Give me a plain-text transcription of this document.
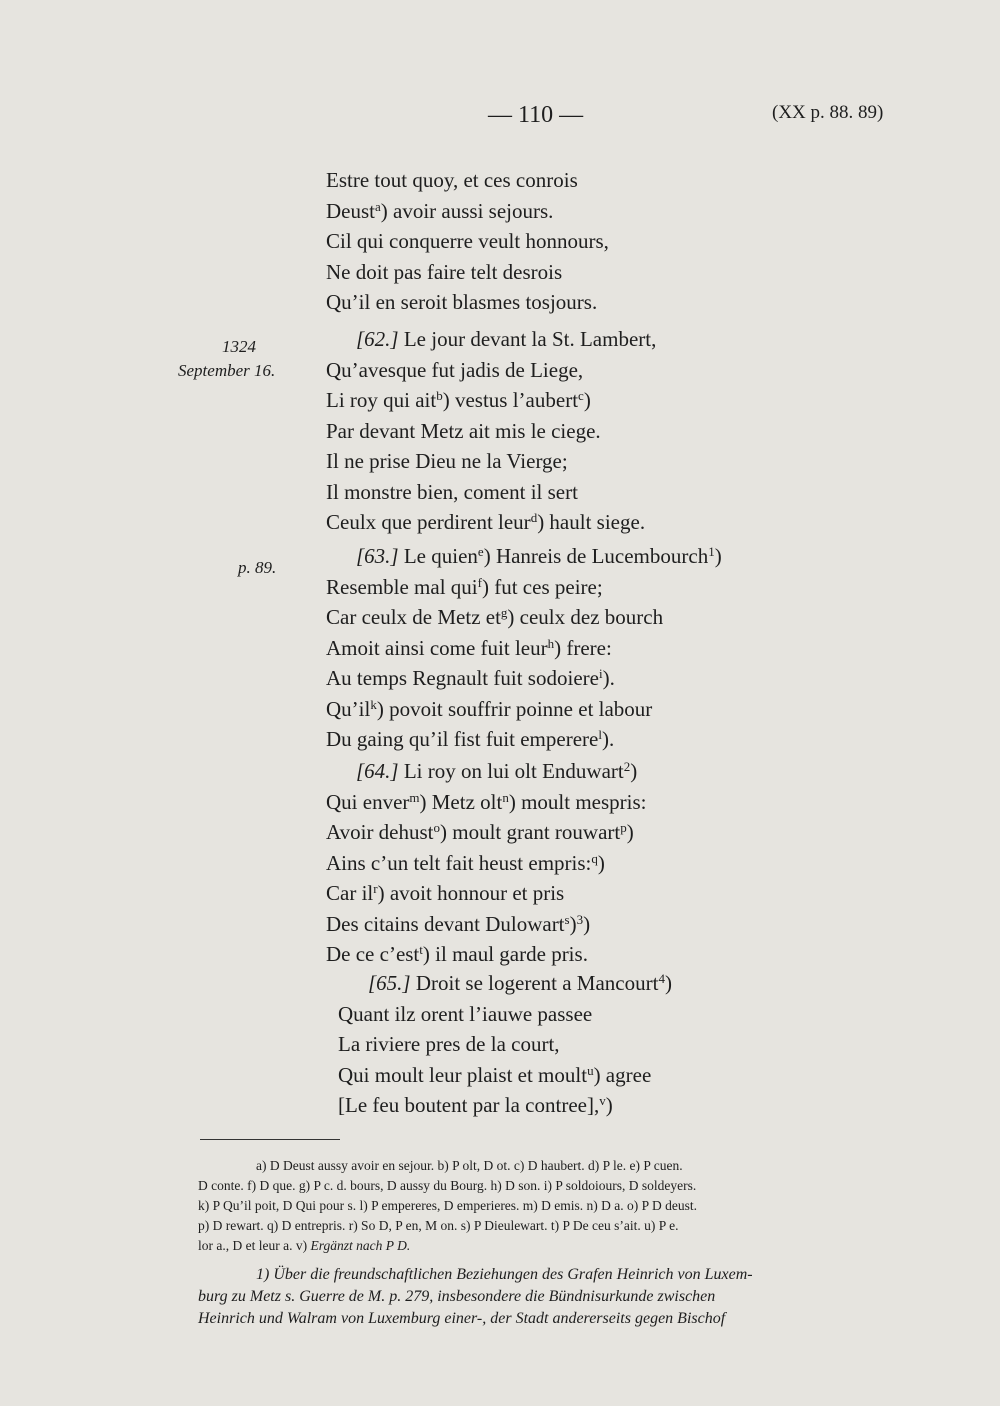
— 110 —	(XX p. 88. 89)
Estre tout quoy, et ces conrois
Deust$^a$) avoir aussi sejours.
Cil qui conquerre veult honnours,
Ne doit pas faire telt desrois
Qu’il en seroit blasmes tosjours.
1324
September 16.
p. 89.
[62.] Le jour devant la St. Lambert,
Qu’avesque fut jadis de Liege,
Li roy qui ait$^b$) vestus l’aubert$^c$)
Par devant Metz ait mis le ciege.
Il ne prise Dieu ne la Vierge;
Il monstre bien, coment il sert
Ceulx que perdirent leur$^d$) hault siege.
[63.] Le quien$^e$) Hanreis de Lucembourch$^1$)
Resemble mal qui$^f$) fut ces peire;
Car ceulx de Metz $et^g$) ceulx dez bourch
Amoit ainsi come fuit leur$^h$) frere:
Au temps Regnault fuit sodoiere$^i$).
$Qu’il^k$) povoit souffrir poinne et labour
Du gaing qu’il fist fuit emperere$^l$).
[64.] Li roy on lui olt Enduwart$^2$)
Qui enver$^m$) Metz olt$^n$) moult mespris:
Avoir dehust$^o$) moult grant rouwart$^p$)
Ains c’un telt fait heust empris:$^q$)
Car $il^r$) avoit honnour et pris
Des citains devant Dulowart$^s$)$^3$)
De ce c’est$^t$) il maul garde pris.
[65.] Droit se logerent a Mancourt$^4$)
Quant ilz orent l’iauwe passee
La riviere pres de la court,
Qui moult leur plaist et moult$^u$) agree
[Le feu boutent par la contree],$^v$)
a) D Deust aussy avoir en sejour. b) P olt, D ot. c) D haubert. d) P le. e) P cuen.
D conte. f) D que. g) P c. d. bours, D aussy du Bourg. h) D son. i) P soldoiours, D soldeyers.
k) P Qu’il poit, D Qui pour s. l) P empereres, D emperieres. m) D emis. n) D a. o) P D deust.
p) D rewart. q) D entrepris. r) So D, P en, M on. s) P Dieulewart. t) P De ceu s’ait. u) P e.
lor a., D et leur a. v) Ergänzt nach P D.
1) Über die freundschaftlichen Beziehungen des Grafen Heinrich von Luxem-
burg zu Metz s. Guerre de M. p. 279, insbesondere die Bündnisurkunde zwischen
Heinrich und Walram von Luxemburg einer-, der Stadt andererseits gegen Bischof
